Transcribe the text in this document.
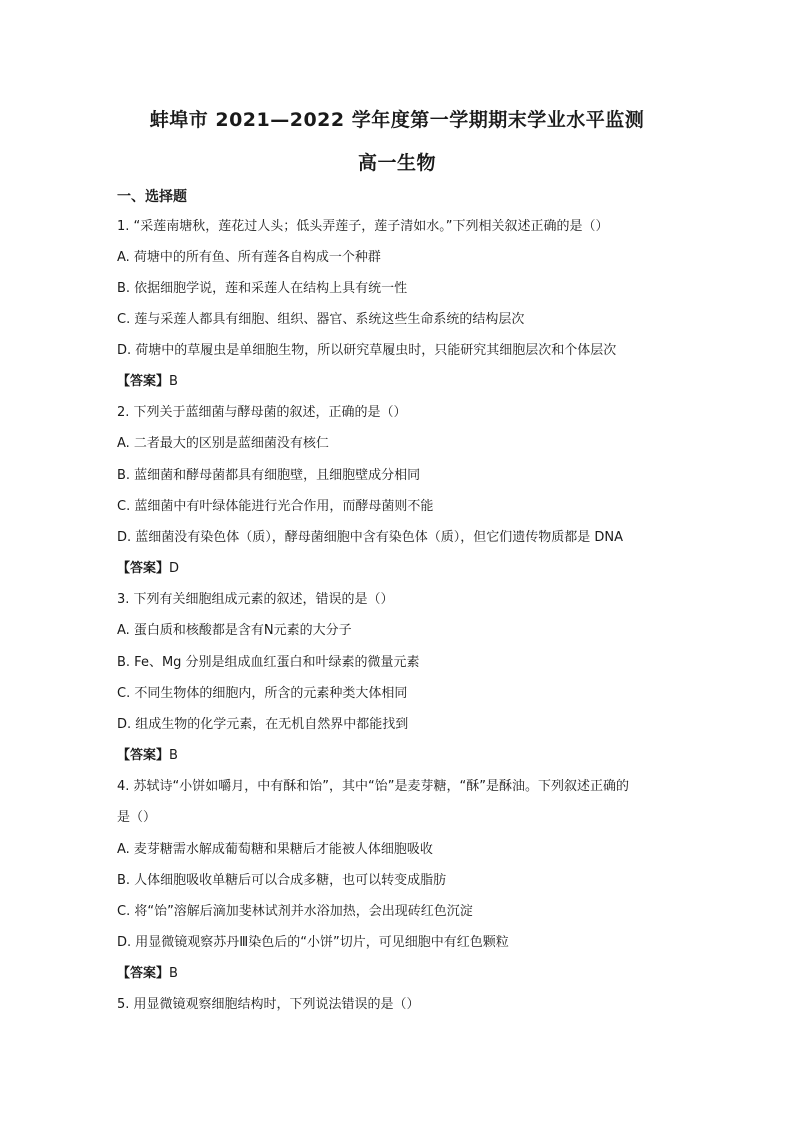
蚌埠市 2021—2022 学年度第一学期期末学业水平监测
高一生物
一、选择题

1. “采莲南塘秋，莲花过人头；低头弄莲子，莲子清如水。”下列相关叙述正确的是（）

A. 荷塘中的所有鱼、所有莲各自构成一个种群

B. 依据细胞学说，莲和采莲人在结构上具有统一性

C. 莲与采莲人都具有细胞、组织、器官、系统这些生命系统的结构层次

D. 荷塘中的草履虫是单细胞生物，所以研究草履虫时，只能研究其细胞层次和个体层次

【答案】B

2. 下列关于蓝细菌与酵母菌的叙述，正确的是（）

A. 二者最大的区别是蓝细菌没有核仁

B. 蓝细菌和酵母菌都具有细胞壁，且细胞壁成分相同

C. 蓝细菌中有叶绿体能进行光合作用，而酵母菌则不能

D. 蓝细菌没有染色体（质），酵母菌细胞中含有染色体（质），但它们遗传物质都是 DNA

【答案】D

3. 下列有关细胞组成元素的叙述，错误的是（）

A. 蛋白质和核酸都是含有N元素的大分子

B. Fe、Mg 分别是组成血红蛋白和叶绿素的微量元素

C. 不同生物体的细胞内，所含的元素种类大体相同

D. 组成生物的化学元素，在无机自然界中都能找到

【答案】B

4. 苏轼诗“小饼如嚼月，中有酥和饴”，其中“饴”是麦芽糖，“酥”是酥油。下列叙述正确的

是（）

A. 麦芽糖需水解成葡萄糖和果糖后才能被人体细胞吸收

B. 人体细胞吸收单糖后可以合成多糖，也可以转变成脂肪

C. 将“饴”溶解后滴加斐林试剂并水浴加热，会出现砖红色沉淀

D. 用显微镜观察苏丹Ⅲ染色后的“小饼”切片，可见细胞中有红色颗粒

【答案】B

5. 用显微镜观察细胞结构时，下列说法错误的是（）
